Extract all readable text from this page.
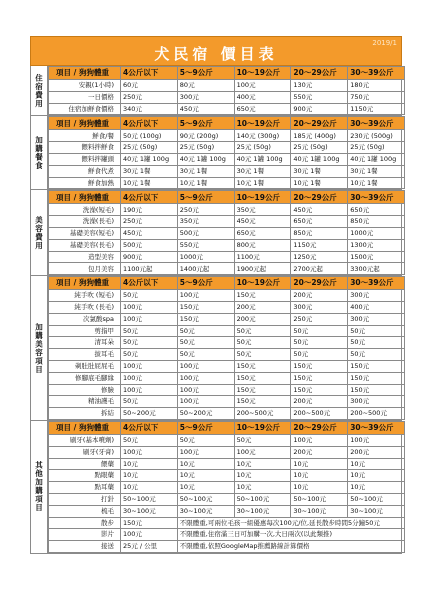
犬民宿 價目表
2019/1
住宿費用
項目 / 狗狗體重	4公斤以下	5～9公斤	10～19公斤	20～29公斤	30～39公斤
安親(1小時)	60元	80元	100元	130元	180元
一日價格	250元	300元	400元	550元	750元
住宿加鮮食價格	340元	450元	650元	900元	1150元
加購餐食
項目 / 狗狗體重	4公斤以下	5～9公斤	10～19公斤	20～29公斤	30～39公斤
鮮食/餐	50元 (100g)	90元 (200g)	140元 (300g)	185元 (400g)	230元 (500g)
餵料拌鮮食	25元 (50g)	25元 (50g)	25元 (50g)	25元 (50g)	25元 (50g)
餵料拌罐頭	40元 1罐 100g	40元 1罐 100g	40元 1罐 100g	40元 1罐 100g	40元 1罐 100g
鮮食代煮	30元 1餐	30元 1餐	30元 1餐	30元 1餐	30元 1餐
鮮食加熱	10元 1餐	10元 1餐	10元 1餐	10元 1餐	10元 1餐
美容費用
項目 / 狗狗體重	4公斤以下	5～9公斤	10～19公斤	20～29公斤	30～39公斤
洗澡(短毛)	190元	250元	350元	450元	650元
洗澡(長毛)	250元	350元	450元	650元	850元
基礎美容(短毛)	450元	500元	650元	850元	1000元
基礎美容(長毛)	500元	550元	800元	1150元	1300元
造型美容	900元	1000元	1100元	1250元	1500元
包月美容	1100元起	1400元起	1900元起	2700元起	3300元起
加購美容項目
項目 / 狗狗體重	4公斤以下	5～9公斤	10～19公斤	20～29公斤	30～39公斤
純手吹 (短毛)	50元	100元	150元	200元	300元
純手吹 (長毛)	100元	150元	200元	300元	400元
次氯酸spa	100元	150元	200元	250元	300元
剪指甲	50元	50元	50元	50元	50元
清耳朵	50元	50元	50元	50元	50元
拔耳毛	50元	50元	50元	50元	50元
剃肚肚屁屁毛	100元	100元	150元	150元	150元
修腳底毛腳緣	100元	100元	150元	150元	150元
修臉	100元	100元	150元	150元	150元
精油護毛	50元	100元	150元	200元	300元
拆結	50~200元	50~200元	200~500元	200~500元	200~500元
其他加購項目
項目 / 狗狗體重	4公斤以下	5～9公斤	10～19公斤	20～29公斤	30～39公斤
刷牙(基本噴劑)	50元	50元	50元	100元	100元
刷牙(牙膏)	100元	100元	100元	200元	200元
餵藥	10元	10元	10元	10元	10元
點眼藥	10元	10元	10元	10元	10元
點耳藥	10元	10元	10元	10元	10元
打針	50~100元	50~100元	50~100元	50~100元	50~100元
梳毛	30~100元	30~100元	30~100元	30~100元	30~100元
散步	150元	不限體重,可兩位毛孩一組優惠每次100元/位,延長散步時間5分鐘50元			
影片	100元	不限體重,住宿滿三日可加購一次,大日兩次(以此類推)			
接送	25元 / 公里	不限體重,依照GoogleMap推薦路線計算價格			
